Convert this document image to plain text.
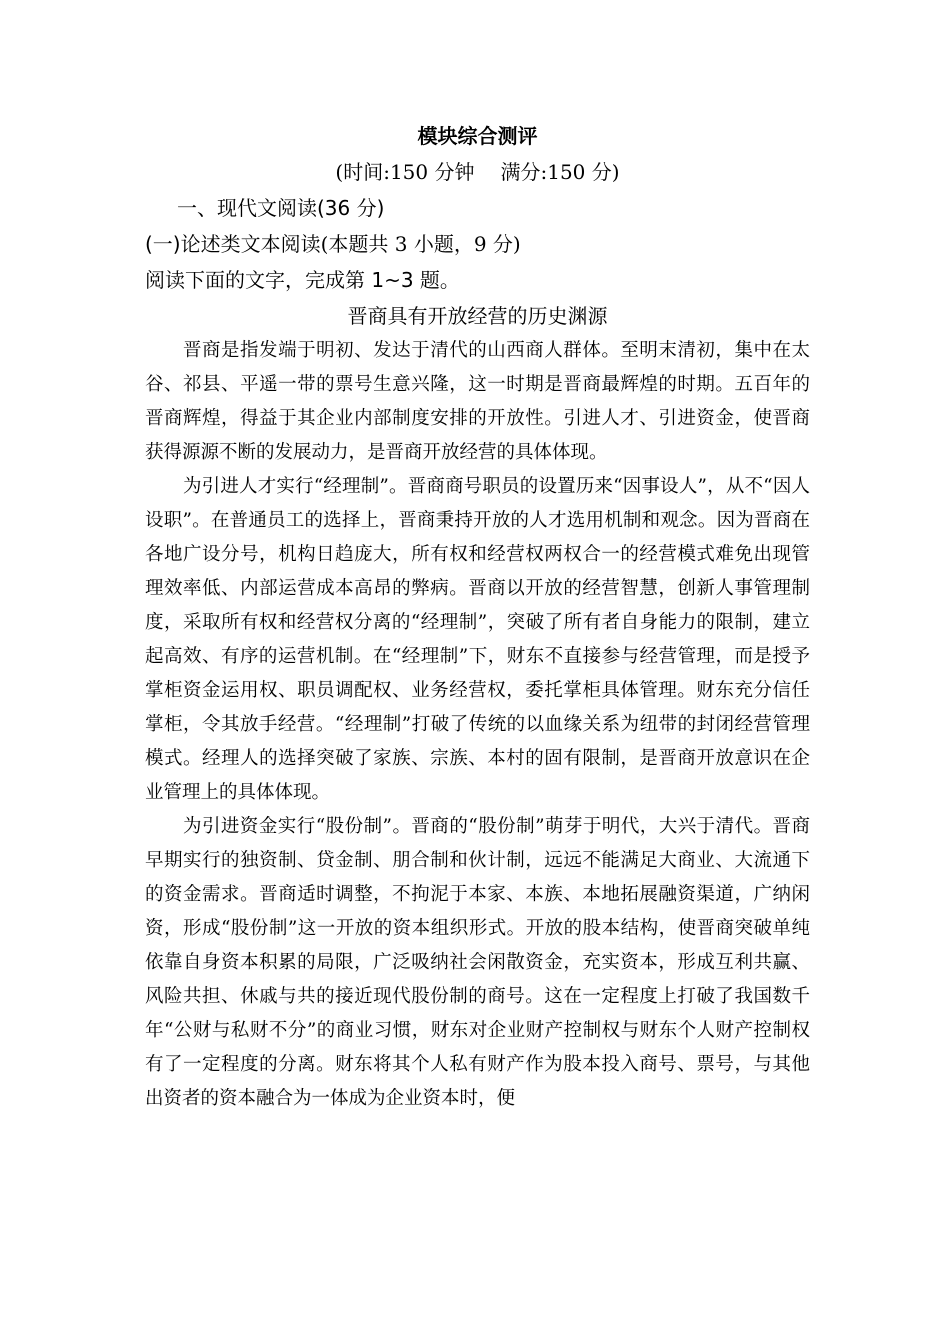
模块综合测评
(时间:150 分钟 满分:150 分)
一、现代文阅读(36 分)
(一)论述类文本阅读(本题共 3 小题，9 分)
阅读下面的文字，完成第 1~3 题。
晋商具有开放经营的历史渊源

晋商是指发端于明初、发达于清代的山西商人群体。至明末清初，集中在太谷、祁县、平遥一带的票号生意兴隆，这一时期是晋商最辉煌的时期。五百年的晋商辉煌，得益于其企业内部制度安排的开放性。引进人才、引进资金，使晋商获得源源不断的发展动力，是晋商开放经营的具体体现。

为引进人才实行“经理制”。晋商商号职员的设置历来“因事设人”，从不“因人设职”。在普通员工的选择上，晋商秉持开放的人才选用机制和观念。因为晋商在各地广设分号，机构日趋庞大，所有权和经营权两权合一的经营模式难免出现管理效率低、内部运营成本高昂的弊病。晋商以开放的经营智慧，创新人事管理制度，采取所有权和经营权分离的“经理制”，突破了所有者自身能力的限制，建立起高效、有序的运营机制。在“经理制”下，财东不直接参与经营管理，而是授予掌柜资金运用权、职员调配权、业务经营权，委托掌柜具体管理。财东充分信任掌柜，令其放手经营。“经理制”打破了传统的以血缘关系为纽带的封闭经营管理模式。经理人的选择突破了家族、宗族、本村的固有限制，是晋商开放意识在企业管理上的具体体现。

为引进资金实行“股份制”。晋商的“股份制”萌芽于明代，大兴于清代。晋商早期实行的独资制、贷金制、朋合制和伙计制，远远不能满足大商业、大流通下的资金需求。晋商适时调整，不拘泥于本家、本族、本地拓展融资渠道，广纳闲资，形成“股份制”这一开放的资本组织形式。开放的股本结构，使晋商突破单纯依靠自身资本积累的局限，广泛吸纳社会闲散资金，充实资本，形成互利共赢、风险共担、休戚与共的接近现代股份制的商号。这在一定程度上打破了我国数千年“公财与私财不分”的商业习惯，财东对企业财产控制权与财东个人财产控制权有了一定程度的分离。财东将其个人私有财产作为股本投入商号、票号，与其他出资者的资本融合为一体成为企业资本时，便
